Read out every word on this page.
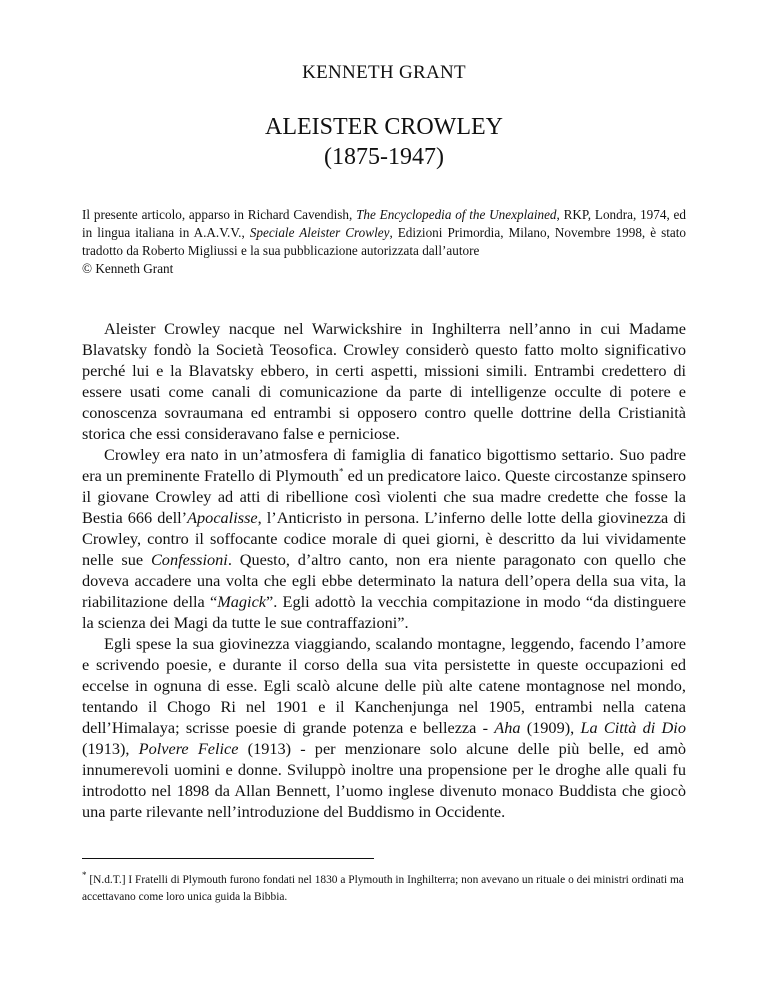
KENNETH GRANT
ALEISTER CROWLEY
(1875-1947)

Il presente articolo, apparso in Richard Cavendish, The Encyclopedia of the Unexplained, RKP, Londra, 1974, ed in lingua italiana in A.A.V.V., Speciale Aleister Crowley, Edizioni Primordia, Milano, Novembre 1998, è stato tradotto da Roberto Migliussi e la sua pubblicazione autorizzata dall’autore

© Kenneth Grant

Aleister Crowley nacque nel Warwickshire in Inghilterra nell’anno in cui Madame Blavatsky fondò la Società Teosofica. Crowley considerò questo fatto molto significativo perché lui e la Blavatsky ebbero, in certi aspetti, missioni simili. Entrambi credettero di essere usati come canali di comunicazione da parte di intelligenze occulte di potere e conoscenza sovraumana ed entrambi si opposero contro quelle dottrine della Cristianità storica che essi consideravano false e perniciose.

Crowley era nato in un’atmosfera di famiglia di fanatico bigottismo settario. Suo padre era un preminente Fratello di Plymouth* ed un predicatore laico. Queste circostanze spinsero il giovane Crowley ad atti di ribellione così violenti che sua madre credette che fosse la Bestia 666 dell’Apocalisse, l’Anticristo in persona. L’inferno delle lotte della giovinezza di Crowley, contro il soffocante codice morale di quei giorni, è descritto da lui vividamente nelle sue Confessioni. Questo, d’altro canto, non era niente paragonato con quello che doveva accadere una volta che egli ebbe determinato la natura dell’opera della sua vita, la riabilitazione della “Magick”. Egli adottò la vecchia compitazione in modo “da distinguere la scienza dei Magi da tutte le sue contraffazioni”.

Egli spese la sua giovinezza viaggiando, scalando montagne, leggendo, facendo l’amore e scrivendo poesie, e durante il corso della sua vita persistette in queste occupazioni ed eccelse in ognuna di esse. Egli scalò alcune delle più alte catene montagnose nel mondo, tentando il Chogo Ri nel 1901 e il Kanchenjunga nel 1905, entrambi nella catena dell’Himalaya; scrisse poesie di grande potenza e bellezza - Aha (1909), La Città di Dio (1913), Polvere Felice (1913) - per menzionare solo alcune delle più belle, ed amò innumerevoli uomini e donne. Sviluppò inoltre una propensione per le droghe alle quali fu introdotto nel 1898 da Allan Bennett, l’uomo inglese divenuto monaco Buddista che giocò una parte rilevante nell’introduzione del Buddismo in Occidente.

* [N.d.T.] I Fratelli di Plymouth furono fondati nel 1830 a Plymouth in Inghilterra; non avevano un rituale o dei ministri ordinati ma accettavano come loro unica guida la Bibbia.
